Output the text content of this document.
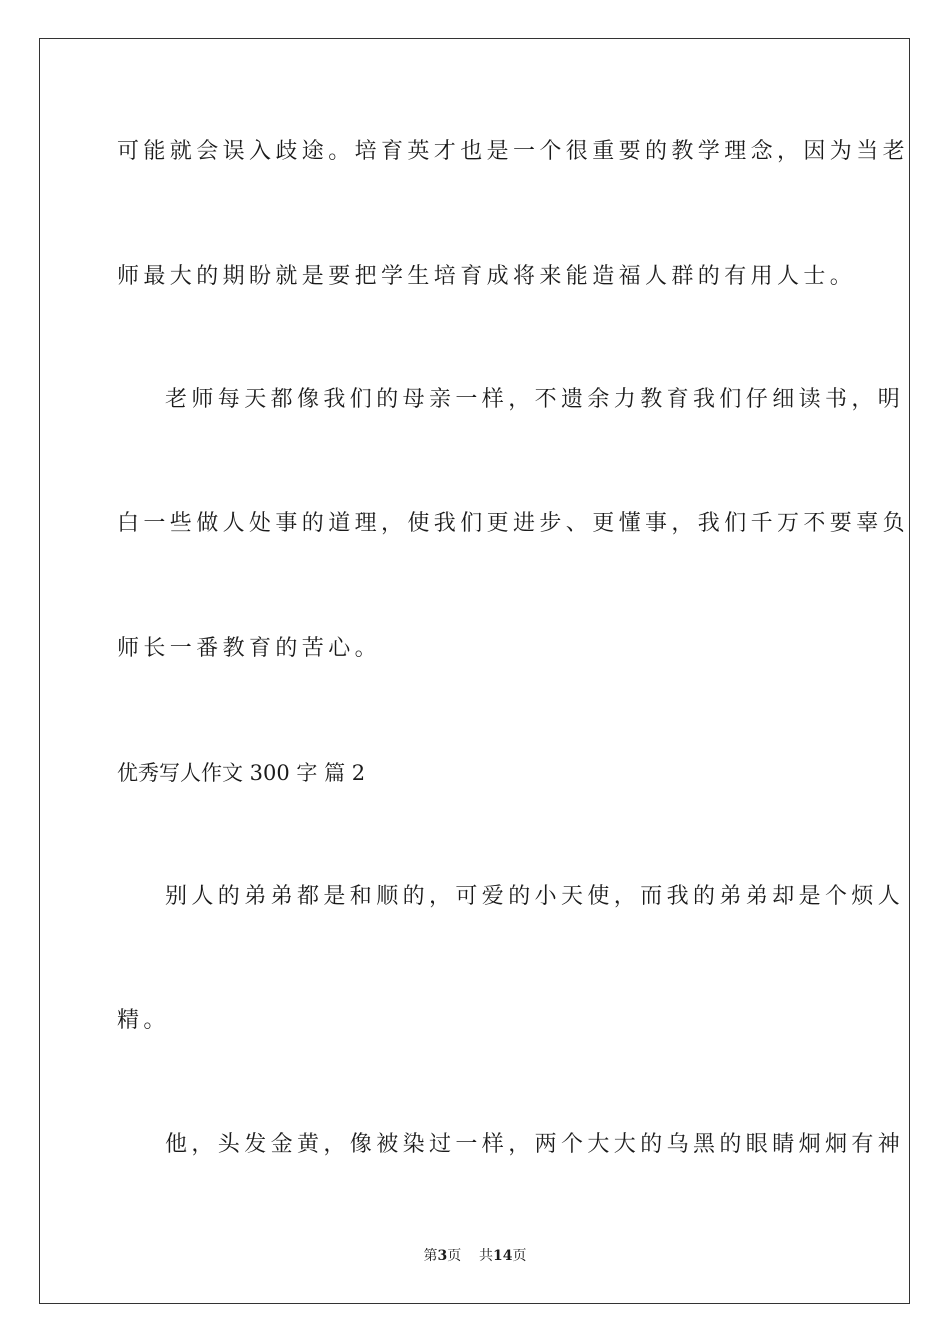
可能就会误入歧途。培育英才也是一个很重要的教学理念，因为当老
师最大的期盼就是要把学生培育成将来能造福人群的有用人士。
老师每天都像我们的母亲一样，不遗余力教育我们仔细读书，明
白一些做人处事的道理，使我们更进步、更懂事，我们千万不要辜负
师长一番教育的苦心。
优秀写人作文 300 字 篇 2
别人的弟弟都是和顺的，可爱的小天使，而我的弟弟却是个烦人
精。
他，头发金黄，像被染过一样，两个大大的乌黑的眼睛炯炯有神
第3页 共14页
